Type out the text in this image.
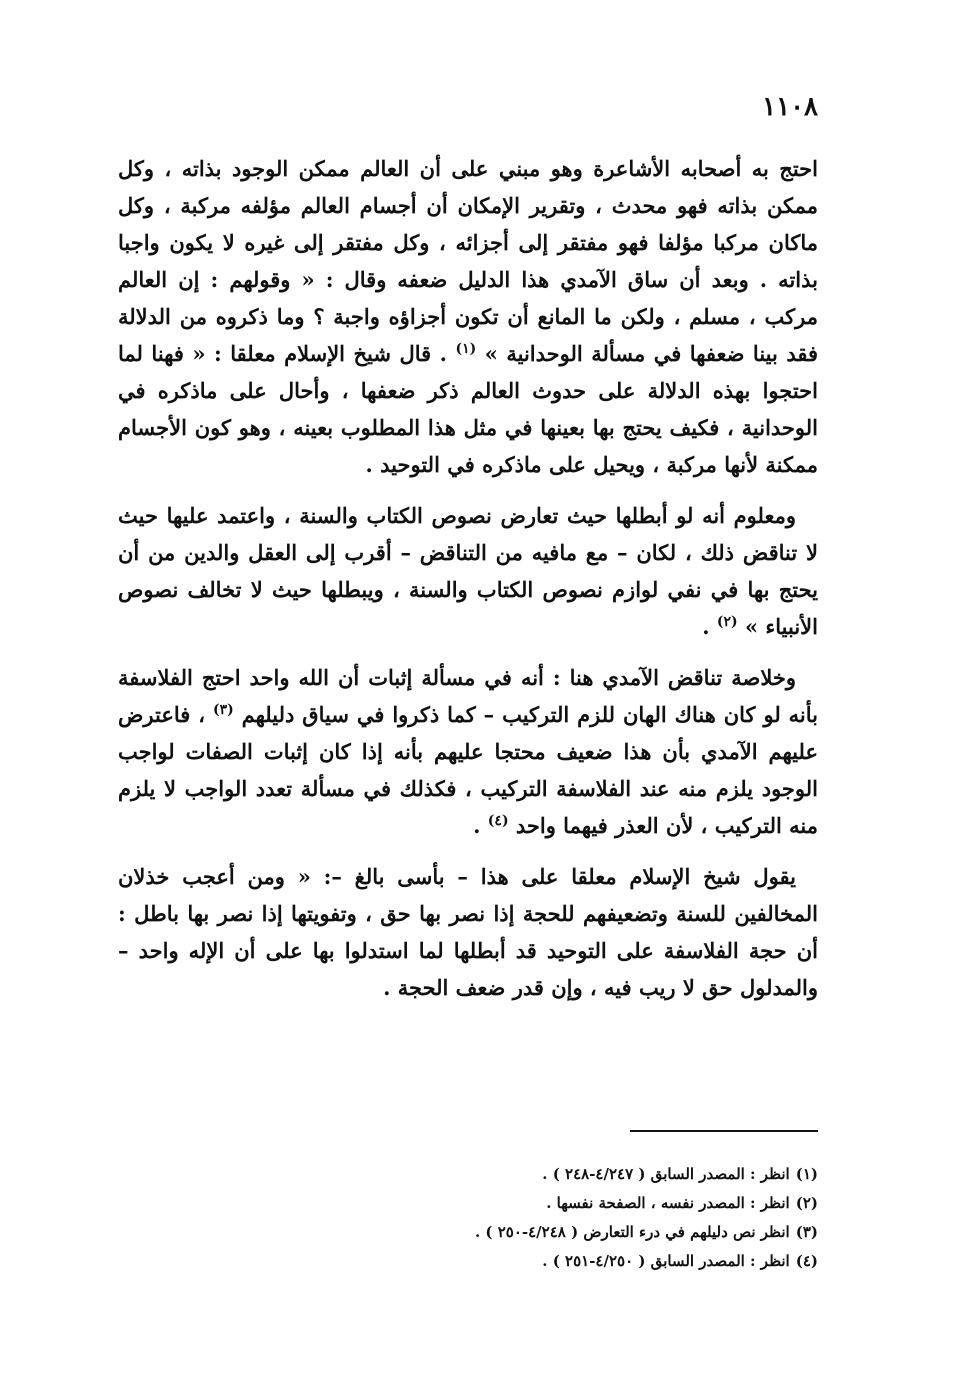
١١٠٨

احتج به أصحابه الأشاعرة وهو مبني على أن العالم ممكن الوجود بذاته ، وكل ممكن بذاته فهو محدث ، وتقرير الإمكان أن أجسام العالم مؤلفه مركبة ، وكل ماكان مركبا مؤلفا فهو مفتقر إلى أجزائه ، وكل مفتقر إلى غيره لا يكون واجبا بذاته . وبعد أن ساق الآمدي هذا الدليل ضعفه وقال : « وقولهم : إن العالم مركب ، مسلم ، ولكن ما المانع أن تكون أجزاؤه واجبة ؟ وما ذكروه من الدلالة فقد بينا ضعفها في مسألة الوحدانية » $^{(١)}$ . قال شيخ الإسلام معلقا : « فهنا لما احتجوا بهذه الدلالة على حدوث العالم ذكر ضعفها ، وأحال على ماذكره في الوحدانية ، فكيف يحتج بها بعينها في مثل هذا المطلوب بعينه ، وهو كون الأجسام ممكنة لأنها مركبة ، ويحيل على ماذكره في التوحيد .

ومعلوم أنه لو أبطلها حيث تعارض نصوص الكتاب والسنة ، واعتمد عليها حيث لا تناقض ذلك ، لكان – مع مافيه من التناقض – أقرب إلى العقل والدين من أن يحتج بها في نفي لوازم نصوص الكتاب والسنة ، ويبطلها حيث لا تخالف نصوص الأنبياء » $^{(٢)}$ .

وخلاصة تناقض الآمدي هنا : أنه في مسألة إثبات أن الله واحد احتج الفلاسفة بأنه لو كان هناك الهان للزم التركيب – كما ذكروا في سياق دليلهم $^{(٣)}$ ، فاعترض عليهم الآمدي بأن هذا ضعيف محتجا عليهم بأنه إذا كان إثبات الصفات لواجب الوجود يلزم منه عند الفلاسفة التركيب ، فكذلك في مسألة تعدد الواجب لا يلزم منه التركيب ، لأن العذر فيهما واحد $^{(٤)}$ .

يقول شيخ الإسلام معلقا على هذا – بأسى بالغ –: « ومن أعجب خذلان المخالفين للسنة وتضعيفهم للحجة إذا نصر بها حق ، وتفويتها إذا نصر بها باطل : أن حجة الفلاسفة على التوحيد قد أبطلها لما استدلوا بها على أن الإله واحد – والمدلول حق لا ريب فيه ، وإن قدر ضعف الحجة .

(١)انظر : المصدر السابق ( ٤/٢٤٧-٢٤٨ ) .
(٢)انظر : المصدر نفسه ، الصفحة نفسها .
(٣)انظر نص دليلهم في درء التعارض ( ٤/٢٤٨-٢٥٠ ) .
(٤)انظر : المصدر السابق ( ٤/٢٥٠-٢٥١ ) .
